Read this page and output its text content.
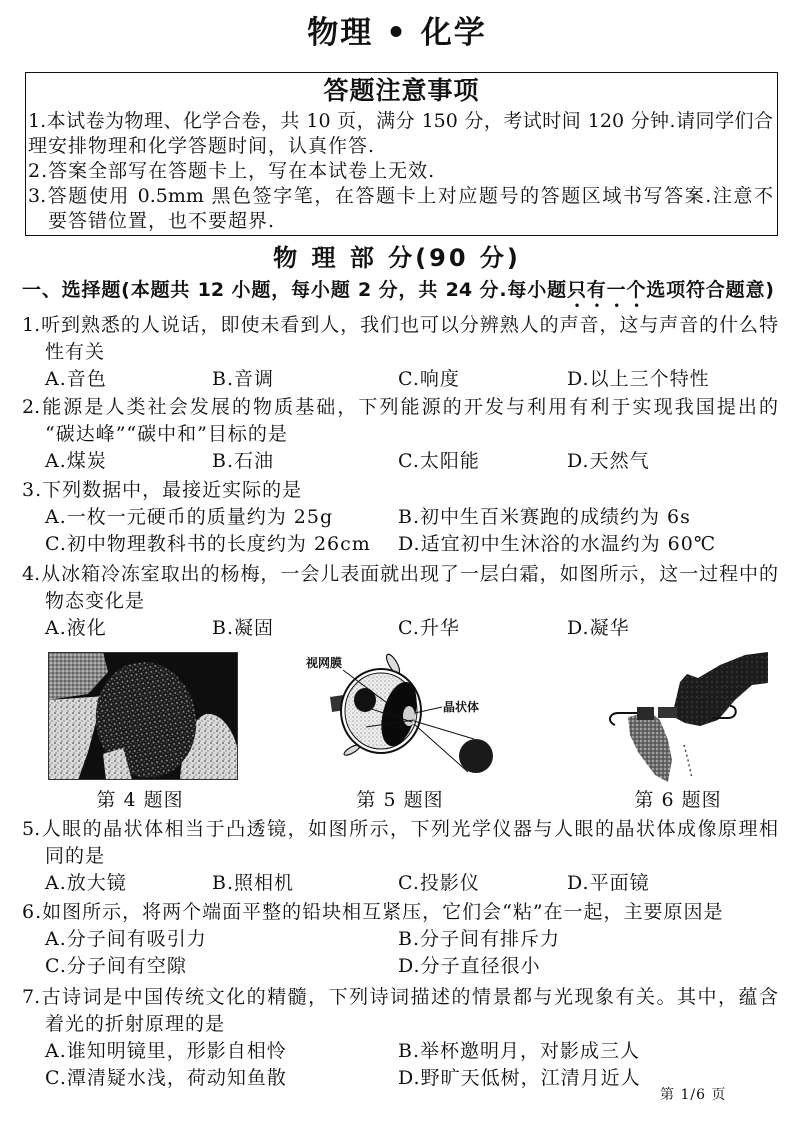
物理 • 化学
答题注意事项
1.本试卷为物理、化学合卷，共 10 页，满分 150 分，考试时间 120 分钟.请同学们合理 安排物理和化学答题时间，认真作答.
2.答案全部写在答题卡上，写在本试卷上无效.
3.答题使用 0.5mm 黑色签字笔，在答题卡上对应题号的答题区域书写答案.注意不
要答错位置，也不要超界.
物 理 部 分(90 分)
一、选择题(本题共 12 小题，每小题 2 分，共 24 分.每小题只有一个选项符合题意)
1.听到熟悉的人说话，即使未看到人，我们也可以分辨熟人的声音，这与声音的什么特
性有关
A.音色	B.音调	C.响度	D.以上三个特性
2.能源是人类社会发展的物质基础，下列能源的开发与利用有利于实现我国提出的
“碳达峰”“碳中和”目标的是
A.煤炭	B.石油	C.太阳能	D.天然气
3.下列数据中，最接近实际的是
A.一枚一元硬币的质量约为 25g	B.初中生百米赛跑的成绩约为 6s
C.初中物理教科书的长度约为 26cm D.适宜初中生沐浴的水温约为 60℃
4.从冰箱冷冻室取出的杨梅，一会儿表面就出现了一层白霜，如图所示，这一过程中的
物态变化是
A.液化	B.凝固	C.升华	D.凝华
视网膜
晶状体
第 4 题图	第 5 题图	第 6 题图
5.人眼的晶状体相当于凸透镜，如图所示，下列光学仪器与人眼的晶状体成像原理相
同的是
A.放大镜	B.照相机	C.投影仪	D.平面镜
6.如图所示，将两个端面平整的铅块相互紧压，它们会“粘”在一起，主要原因是
A.分子间有吸引力	B.分子间有排斥力
C.分子间有空隙	D.分子直径很小
7.古诗词是中国传统文化的精髓，下列诗词描述的情景都与光现象有关。其中，蕴含
着光的折射原理的是
A.谁知明镜里，形影自相怜	B.举杯邀明月，对影成三人
C.潭清疑水浅，荷动知鱼散	D.野旷天低树，江清月近人
第 1/6 页
